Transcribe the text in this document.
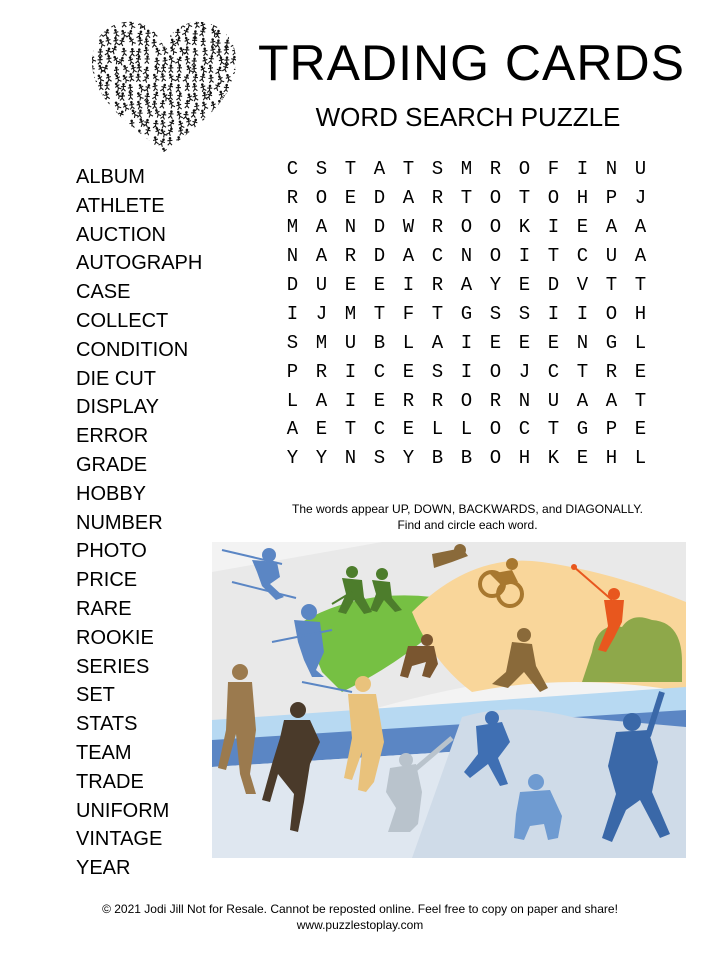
TRADING CARDS
WORD SEARCH PUZZLE
ALBUM
ATHLETE
AUCTION
AUTOGRAPH
CASE
COLLECT
CONDITION
DIE CUT
DISPLAY
ERROR
GRADE
HOBBY
NUMBER
PHOTO
PRICE
RARE
ROOKIE
SERIES
SET
STATS
TEAM
TRADE
UNIFORM
VINTAGE
YEAR
C S T A T S M R O F I N U
R O E D A R T O T O H P J
M A N D W R O O K I E A A
N A R D A C N O I T C U A
D U E E I R A Y E D V T T
I J M T F T G S S I I O H
S M U B L A I E E E N G L
P R I C E S I O J C T R E
L A I E R R O R N U A A T
A E T C E L L O C T G P E
Y Y N S Y B B O H K E H L
The words appear UP, DOWN, BACKWARDS, and DIAGONALLY.
Find and circle each word.
© 2021 Jodi Jill Not for Resale. Cannot be reposted online. Feel free to copy on paper and share!
www.puzzlestoplay.com
